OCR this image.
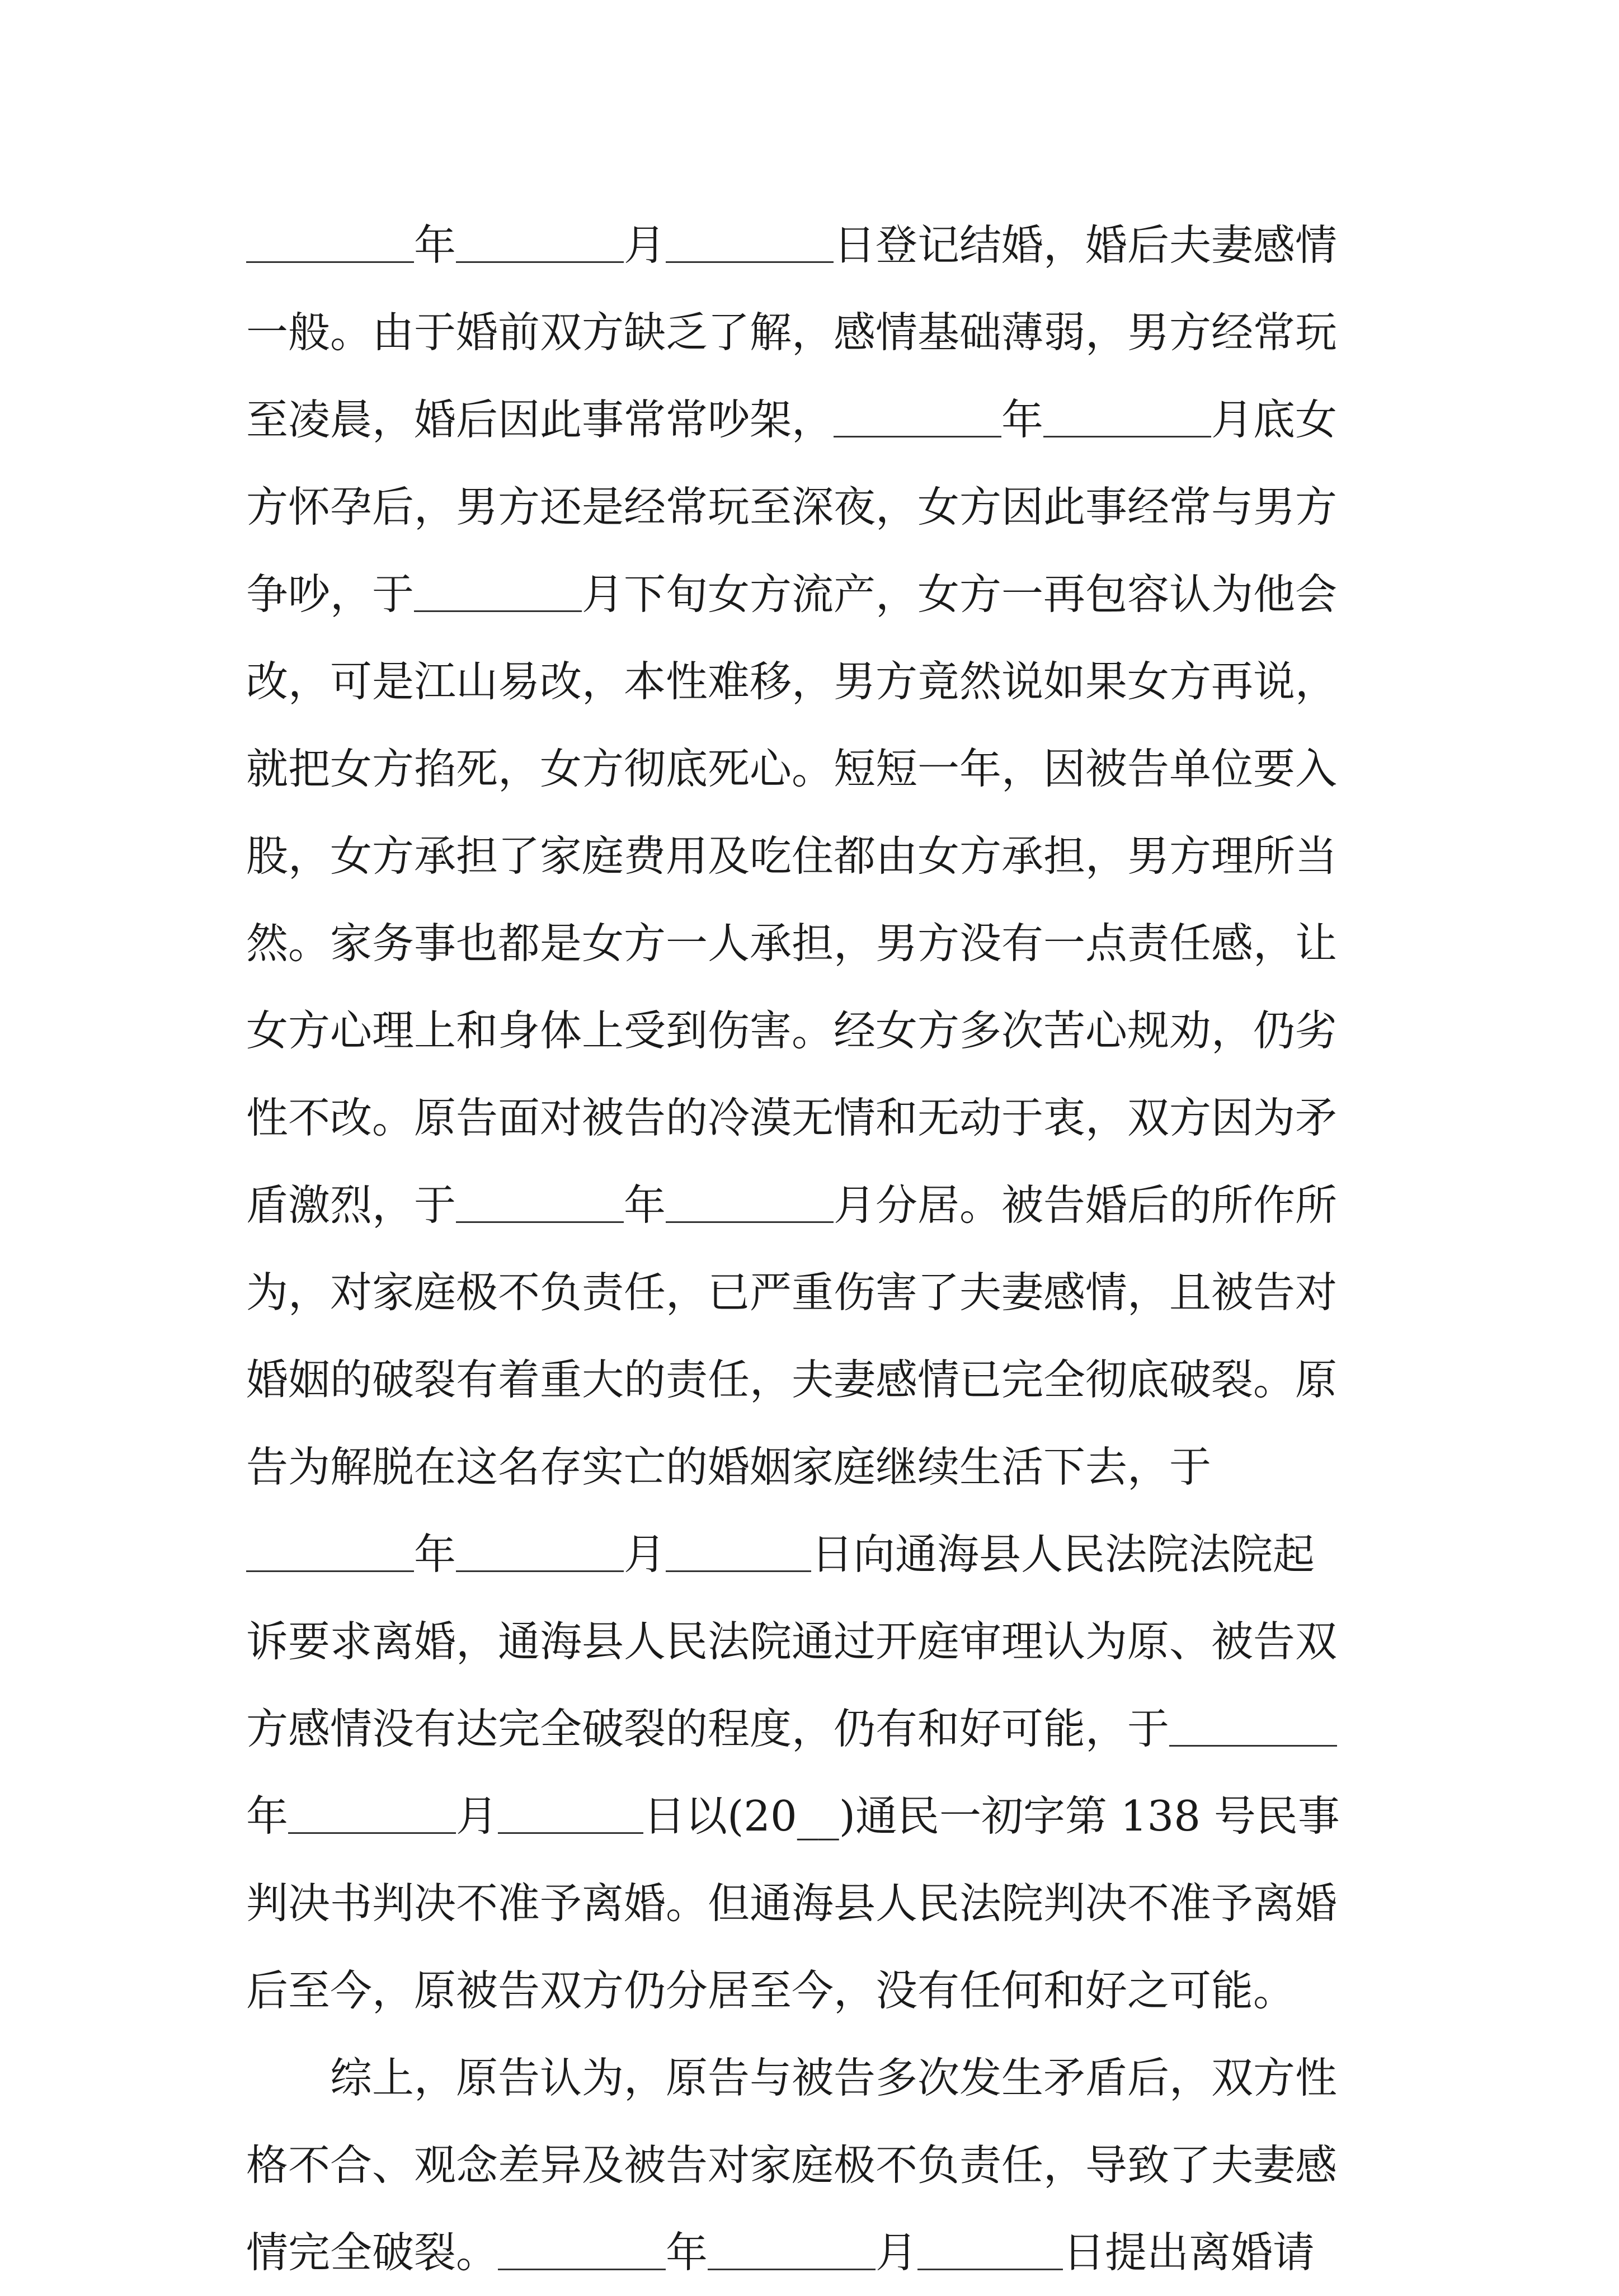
年	月	日登记结婚，婚后夫妻感情
一般。由于婚前双方缺乏了解，感情基础薄弱，男方经常玩
至凌晨，婚后因此事常常吵架，	年	月底女
方怀孕后，男方还是经常玩至深夜，女方因此事经常与男方
争吵，于	月下旬女方流产，女方一再包容认为他会
改，可是江山易改，本性难移，男方竟然说如果女方再说，
就把女方掐死，女方彻底死心。短短一年，因被告单位要入
股，女方承担了家庭费用及吃住都由女方承担，男方理所当
然。家务事也都是女方一人承担，男方没有一点责任感，让
女方心理上和身体上受到伤害。经女方多次苦心规劝，仍劣
性不改。原告面对被告的冷漠无情和无动于衷，双方因为矛
盾激烈，于	年	月分居。被告婚后的所作所
为，对家庭极不负责任，已严重伤害了夫妻感情，且被告对
婚姻的破裂有着重大的责任，夫妻感情已完全彻底破裂。原
告为解脱在这名存实亡的婚姻家庭继续生活下去，于
年	月	日向通海县人民法院法院起
诉要求离婚，通海县人民法院通过开庭审理认为原、被告双
方感情没有达完全破裂的程度，仍有和好可能，于
年	月	日以(20__)通民一初字第 138 号民事
判决书判决不准予离婚。但通海县人民法院判决不准予离婚
后至今，原被告双方仍分居至今，没有任何和好之可能。
综上，原告认为，原告与被告多次发生矛盾后，双方性
格不合、观念差异及被告对家庭极不负责任，导致了夫妻感
情完全破裂。	年	月	日提出离婚请
